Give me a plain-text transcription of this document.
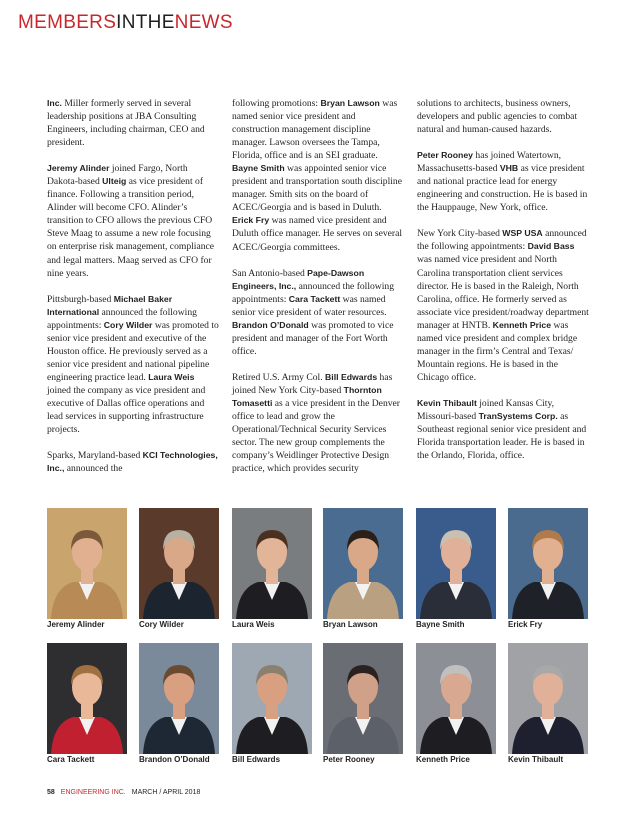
MEMBERSINTHENEWS

Inc. Miller formerly served in several leadership positions at JBA Consulting Engineers, including chairman, CEO and president.

Jeremy Alinder joined Fargo, North Dakota-based Ulteig as vice president of finance. Following a transition period, Alinder will become CFO. Alinder’s transition to CFO allows the previous CFO Steve Maag to assume a new role focusing on enterprise risk management, compliance and legal matters. Maag served as CFO for nine years.

Pittsburgh-based Michael Baker International announced the following appointments: Cory Wilder was promoted to senior vice president and executive of the Houston office. He previously served as a senior vice president and national pipeline engineering practice lead. Laura Weis joined the company as vice president and executive of Dallas office operations and lead services in supporting infrastructure projects.

Sparks, Maryland-based KCI Technologies, Inc., announced the

following promotions: Bryan Lawson was named senior vice president and construction management discipline manager. Lawson oversees the Tampa, Florida, office and is an SEI graduate. Bayne Smith was appointed senior vice president and transportation south discipline manager. Smith sits on the board of ACEC/Georgia and is based in Duluth. Erick Fry was named vice president and Duluth office manager. He serves on several ACEC/Georgia committees.

San Antonio-based Pape-Dawson Engineers, Inc., announced the following appointments: Cara Tackett was named senior vice president of water resources. Brandon O’Donald was promoted to vice president and manager of the Fort Worth office.

Retired U.S. Army Col. Bill Edwards has joined New York City-based Thornton Tomasetti as a vice president in the Denver office to lead and grow the Operational/Technical Security Services sector. The new group complements the company’s Weidlinger Protective Design practice, which provides security

solutions to architects, business owners, developers and public agencies to combat natural and human-caused hazards.

Peter Rooney has joined Watertown, Massachusetts-based VHB as vice president and national practice lead for energy engineering and construction. He is based in the Hauppauge, New York, office.

New York City-based WSP USA announced the following appointments: David Bass was named vice president and North Carolina transportation client services director. He is based in the Raleigh, North Carolina, office. He formerly served as associate vice president/roadway department manager at HNTB. Kenneth Price was named vice president and complex bridge manager in the firm’s Central and Texas/ Mountain regions. He is based in the Chicago office.

Kevin Thibault joined Kansas City, Missouri-based TranSystems Corp. as Southeast regional senior vice president and Florida transportation leader. He is based in the Orlando, Florida, office.

Jeremy Alinder	Cory Wilder	Laura Weis	Bryan Lawson	Bayne Smith	Erick Fry
Cara Tackett	Brandon O’Donald	Bill Edwards	Peter Rooney	Kenneth Price	Kevin Thibault
58 ENGINEERING INC. MARCH / APRIL 2018
